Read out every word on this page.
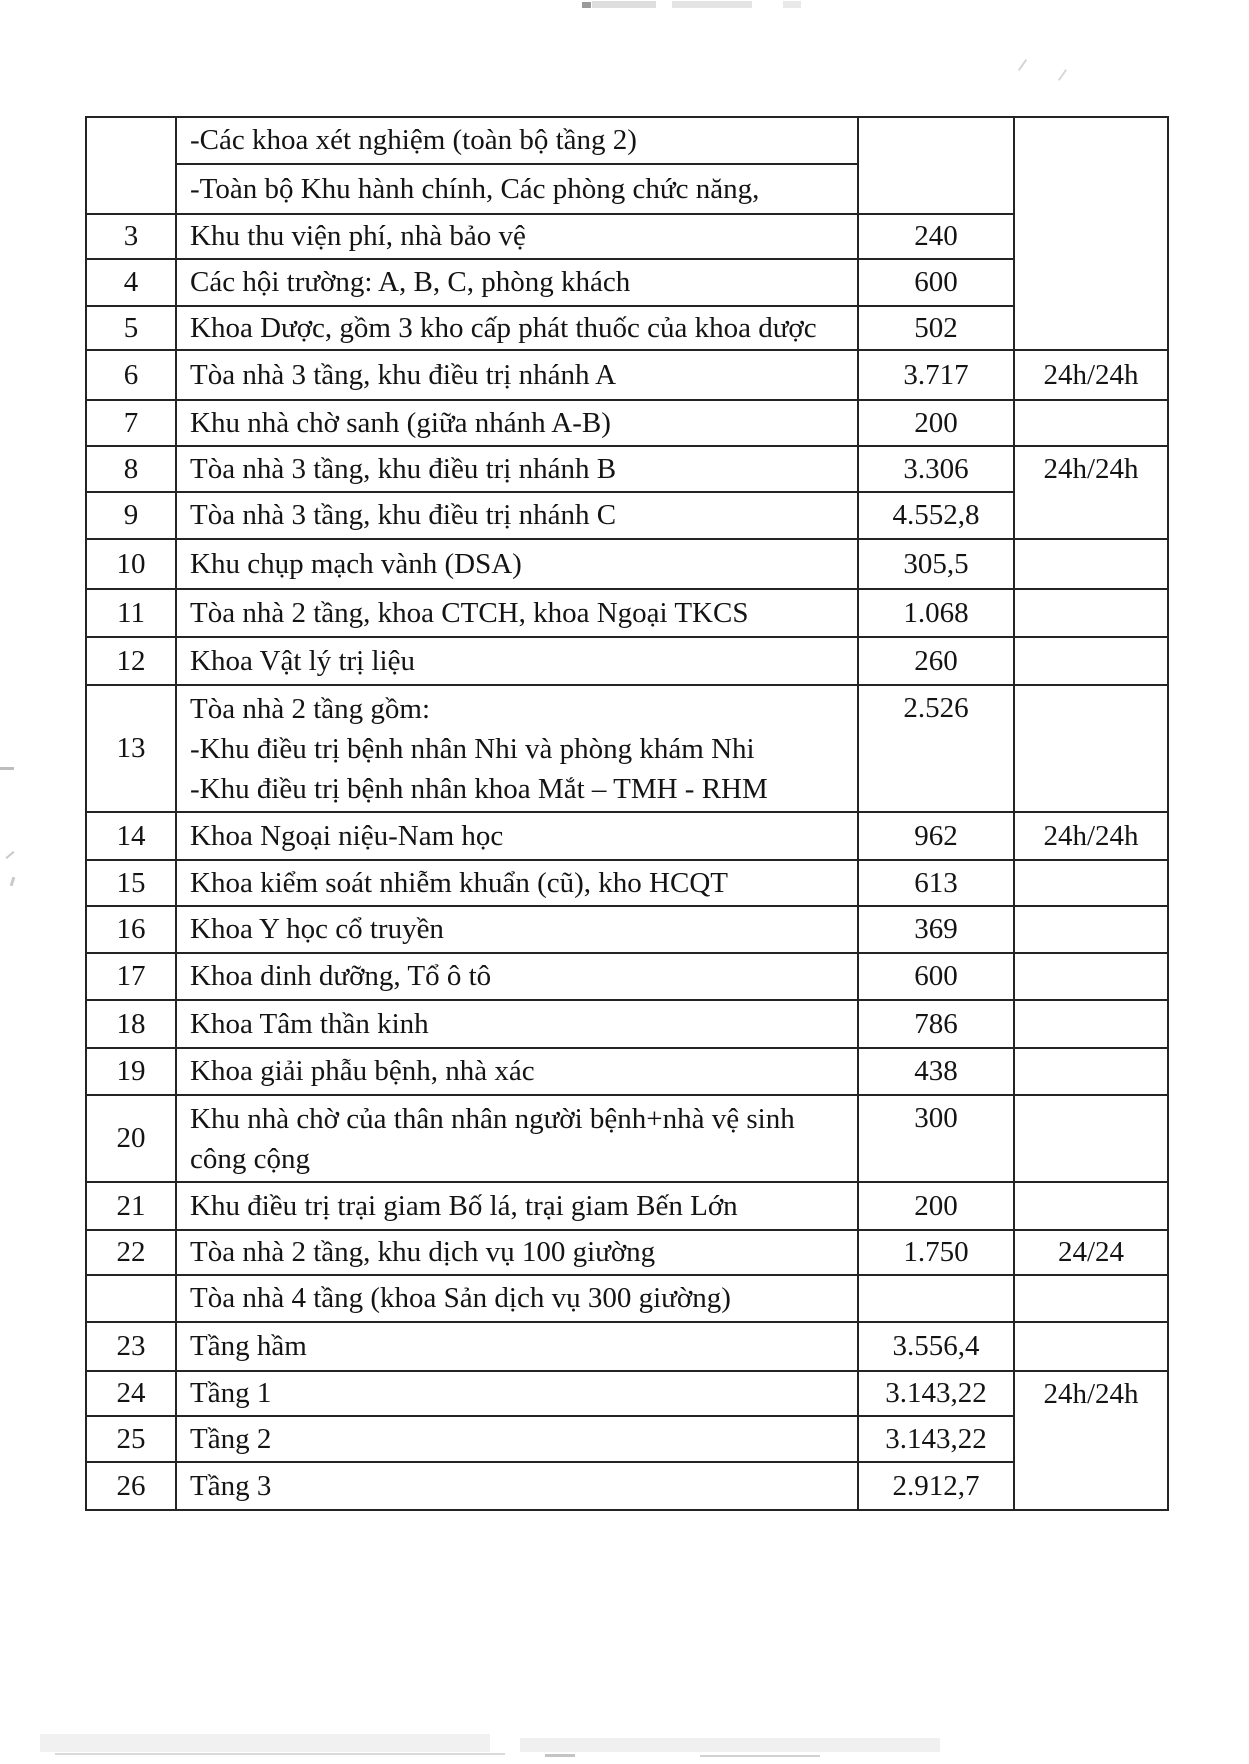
	-Các khoa xét nghiệm (toàn bộ tầng 2)		

	-Toàn bộ Khu hành chính, Các phòng chức năng,		

3	Khu thu viện phí, nhà bảo vệ	240	
4	Các hội trường: A, B, C, phòng khách	600	
5	Khoa Dược, gồm 3 kho cấp phát thuốc của khoa dược	502	
6	Tòa nhà 3 tầng, khu điều trị nhánh A	3.717	24h/24h
7	Khu nhà chờ sanh (giữa nhánh A-B)	200	
8	Tòa nhà 3 tầng, khu điều trị nhánh B	3.306	24h/24h
9	Tòa nhà 3 tầng, khu điều trị nhánh C	4.552,8	
10	Khu chụp mạch vành (DSA)	305,5	
11	Tòa nhà 2 tầng, khoa CTCH, khoa Ngoại TKCS	1.068	
12	Khoa Vật lý trị liệu	260	
13	Tòa nhà 2 tầng gồm:
-Khu điều trị bệnh nhân Nhi và phòng khám Nhi
-Khu điều trị bệnh nhân khoa Mắt – TMH - RHM	2.526	
14	Khoa Ngoại niệu-Nam học	962	24h/24h
15	Khoa kiểm soát nhiễm khuẩn (cũ), kho HCQT	613	
16	Khoa Y học cổ truyền	369	
17	Khoa dinh dưỡng, Tổ ô tô	600	
18	Khoa Tâm thần kinh	786	
19	Khoa giải phẫu bệnh, nhà xác	438	
20	Khu nhà chờ của thân nhân người bệnh+nhà vệ sinh
công cộng	300	
21	Khu điều trị trại giam Bố lá, trại giam Bến Lớn	200	
22	Tòa nhà 2 tầng, khu dịch vụ 100 giường	1.750	24/24

	Tòa nhà 4 tầng (khoa Sản dịch vụ 300 giường)		

23	Tầng hầm	3.556,4	
24	Tầng 1	3.143,22	24h/24h
25	Tầng 2	3.143,22	
26	Tầng 3	2.912,7	
